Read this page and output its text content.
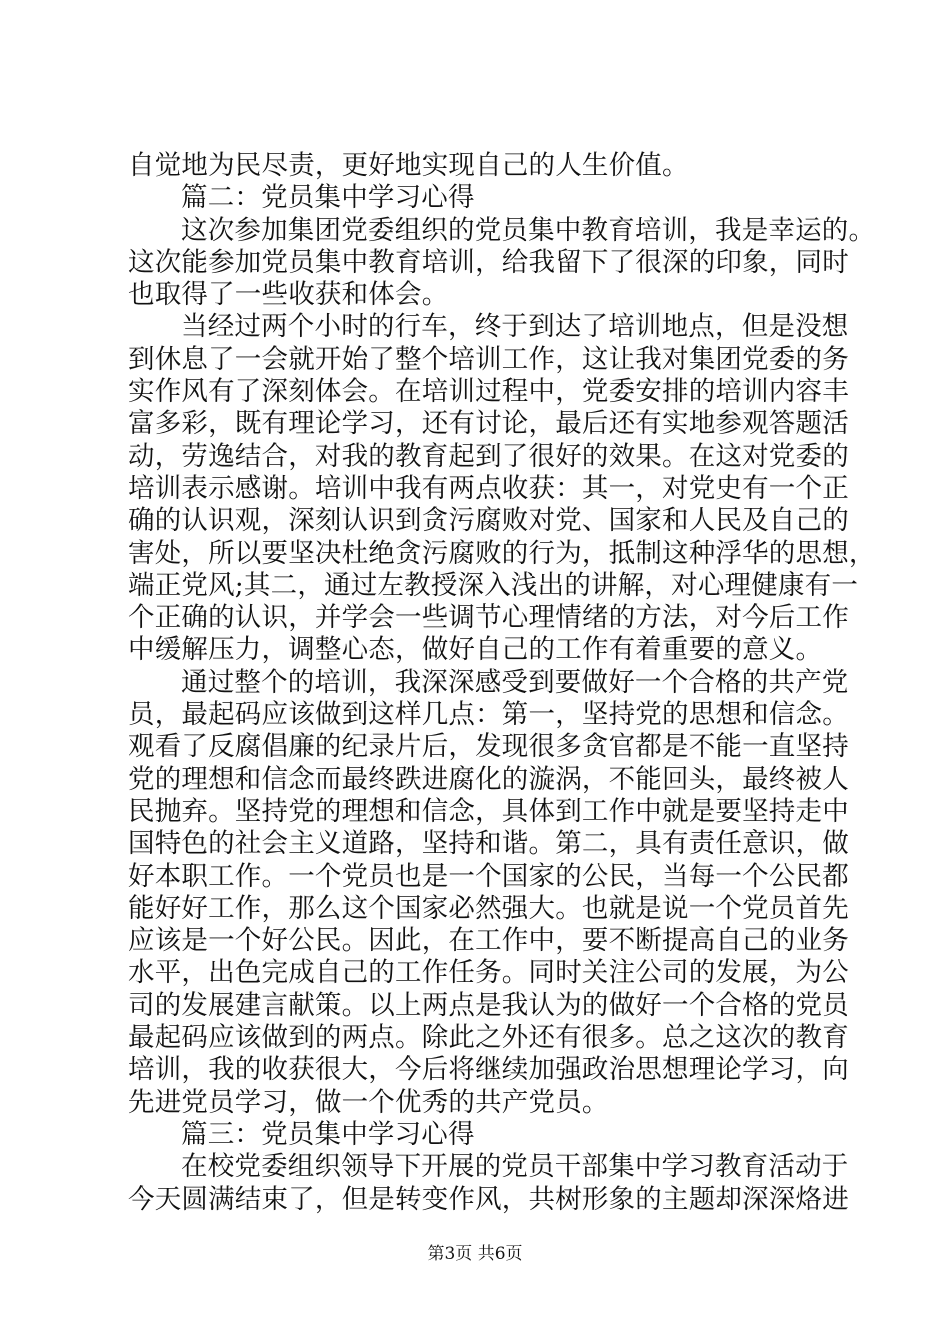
自觉地为民尽责，更好地实现自己的人生价值。
篇二：党员集中学习心得
这次参加集团党委组织的党员集中教育培训，我是幸运的。
这次能参加党员集中教育培训，给我留下了很深的印象，同时
也取得了一些收获和体会。
当经过两个小时的行车，终于到达了培训地点，但是没想
到休息了一会就开始了整个培训工作，这让我对集团党委的务
实作风有了深刻体会。在培训过程中，党委安排的培训内容丰
富多彩，既有理论学习，还有讨论，最后还有实地参观答题活
动，劳逸结合，对我的教育起到了很好的效果。在这对党委的
培训表示感谢。培训中我有两点收获：其一，对党史有一个正
确的认识观，深刻认识到贪污腐败对党、国家和人民及自己的
害处，所以要坚决杜绝贪污腐败的行为，抵制这种浮华的思想，
端正党风;其二，通过左教授深入浅出的讲解，对心理健康有一
个正确的认识，并学会一些调节心理情绪的方法，对今后工作
中缓解压力，调整心态，做好自己的工作有着重要的意义。
通过整个的培训，我深深感受到要做好一个合格的共产党
员，最起码应该做到这样几点：第一，坚持党的思想和信念。
观看了反腐倡廉的纪录片后，发现很多贪官都是不能一直坚持
党的理想和信念而最终跌进腐化的漩涡，不能回头，最终被人
民抛弃。坚持党的理想和信念，具体到工作中就是要坚持走中
国特色的社会主义道路，坚持和谐。第二，具有责任意识，做
好本职工作。一个党员也是一个国家的公民，当每一个公民都
能好好工作，那么这个国家必然强大。也就是说一个党员首先
应该是一个好公民。因此，在工作中，要不断提高自己的业务
水平，出色完成自己的工作任务。同时关注公司的发展，为公
司的发展建言献策。以上两点是我认为的做好一个合格的党员
最起码应该做到的两点。除此之外还有很多。总之这次的教育
培训，我的收获很大，今后将继续加强政治思想理论学习，向
先进党员学习，做一个优秀的共产党员。
篇三：党员集中学习心得
在校党委组织领导下开展的党员干部集中学习教育活动于
今天圆满结束了，但是转变作风，共树形象的主题却深深烙进
第3页 共6页
